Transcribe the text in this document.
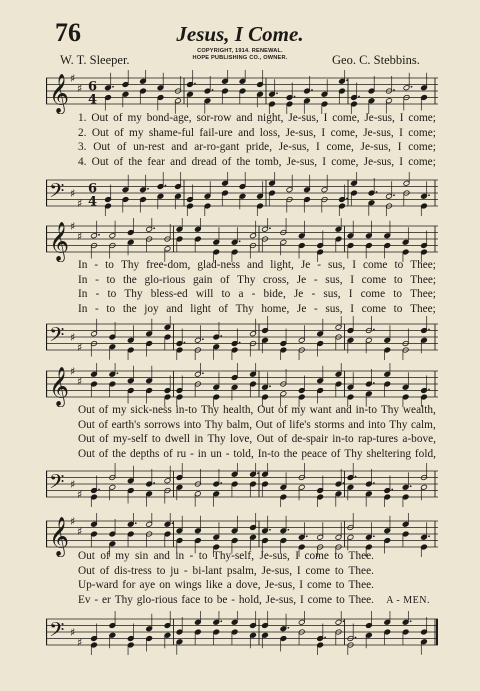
76	Jesus, I Come.
COPYRIGHT, 1914. RENEWAL.
HOPE PUBLISHING CO., OWNER.
W. T. Sleeper.	Geo. C. Stebbins.
𝄞 ♯
♯ 6
4
1. Out of my bond-age, sor-row and night, Je-sus, I come, Je-sus, I come;
2. Out of my shame-ful fail-ure and loss, Je-sus, I come, Je-sus, I come;
3. Out of un-rest and ar-ro-gant pride, Je-sus, I come, Je-sus, I come;
4. Out of the fear and dread of the tomb, Je-sus, I come, Je-sus, I come;
𝄢 ♯
♯
6
4
𝄞 ♯
♯
In - to Thy free-dom, glad-ness and light, Je - sus, I come to Thee;
In - to the glo-rious gain of Thy cross, Je - sus, I come to Thee;
In - to Thy bless-ed will to a - bide, Je - sus, I come to Thee;
In - to the joy and light of Thy home, Je - sus, I come to Thee;
𝄢 ♯
♯
𝄞 ♯
♯
Out of my sick-ness in-to Thy health, Out of my want and in-to Thy wealth,
Out of earth's sorrows into Thy balm, Out of life's storms and into Thy calm,
Out of my-self to dwell in Thy love, Out of de-spair in-to rap-tures a-bove,
Out of the depths of ru - in un - told, In-to the peace of Thy sheltering fold,
𝄢 ♯
♯
𝄞 ♯
♯
Out of my sin and in - to Thy-self, Je-sus, I come to Thee.
Out of dis-tress to ju - bi-lant psalm, Je-sus, I come to Thee.
Up-ward for aye on wings like a dove, Je-sus, I come to Thee.
Ev - er Thy glo-rious face to be - hold, Je-sus, I come to Thee. A - MEN.
𝄢 ♯
♯
